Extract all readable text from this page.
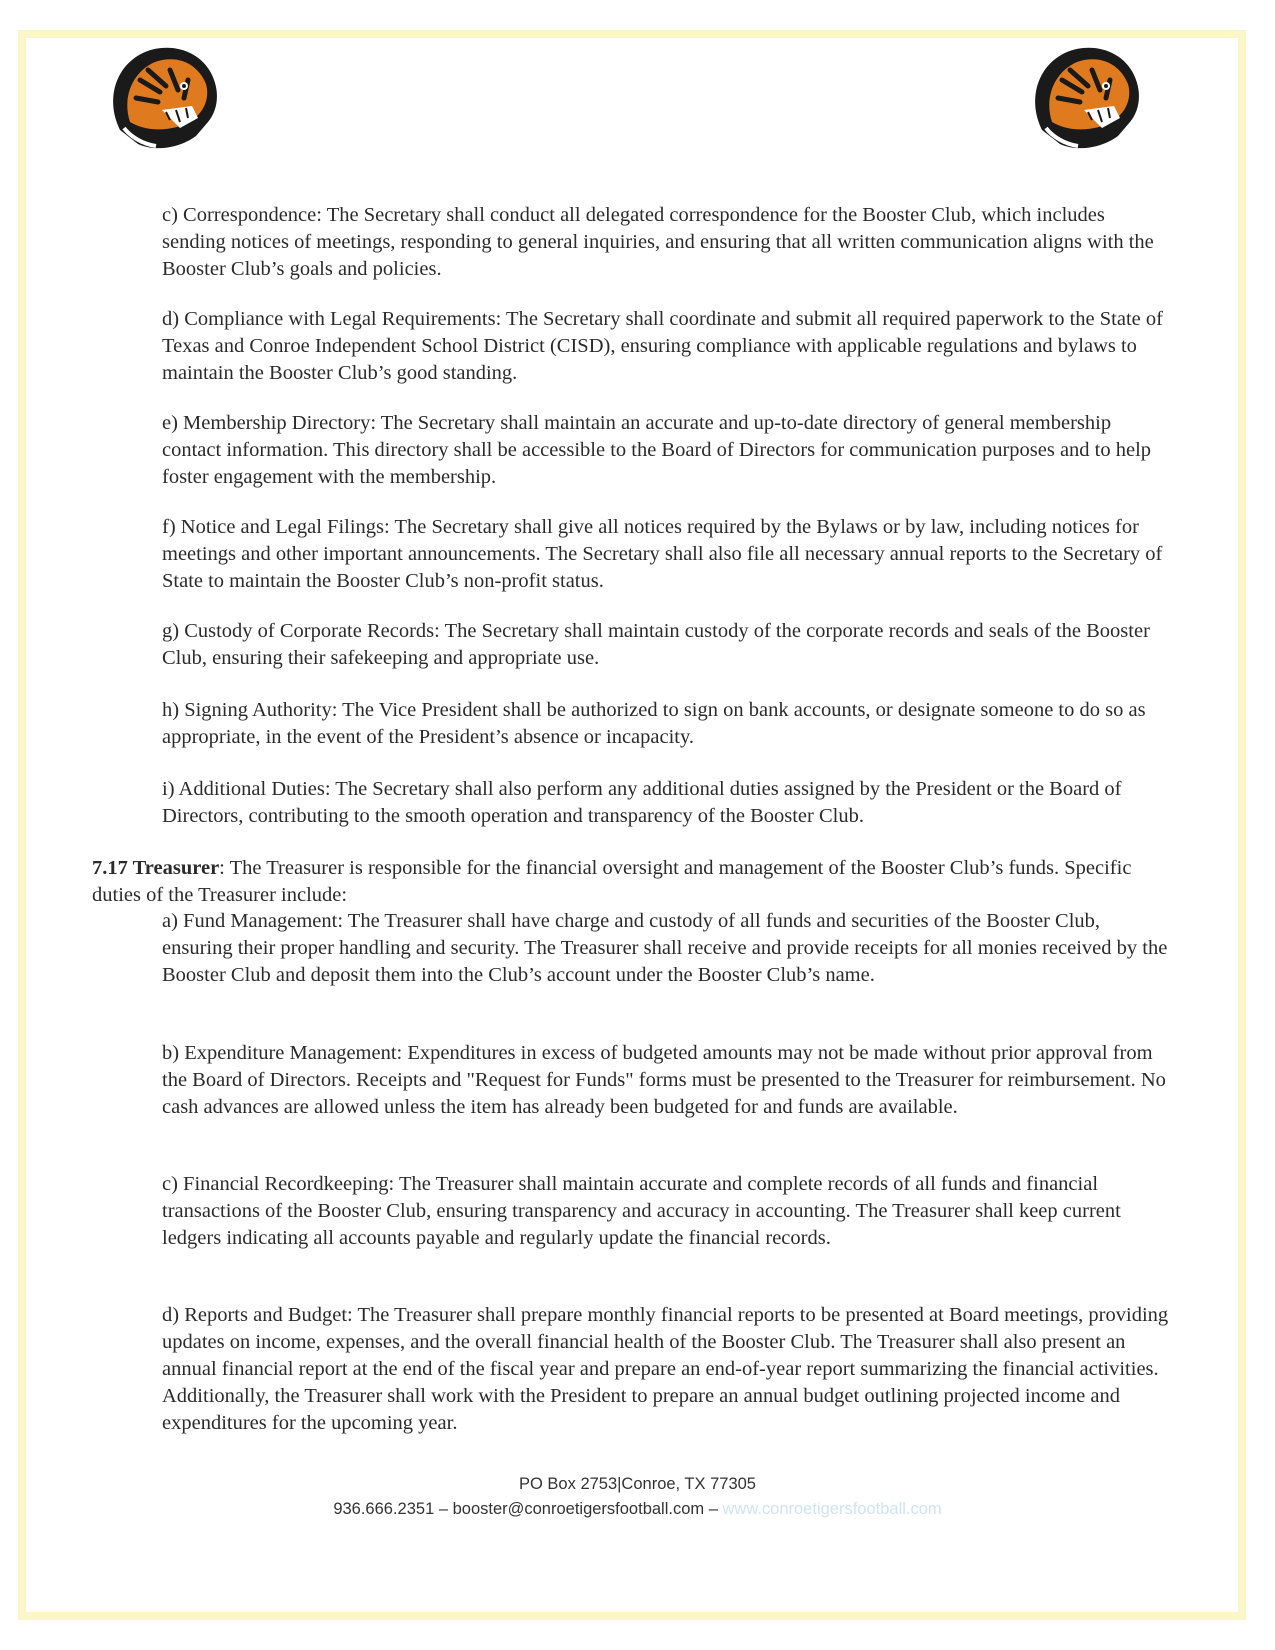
c) Correspondence: The Secretary shall conduct all delegated correspondence for the Booster Club, which includes sending notices of meetings, responding to general inquiries, and ensuring that all written communication aligns with the Booster Club’s goals and policies.

d) Compliance with Legal Requirements: The Secretary shall coordinate and submit all required paperwork to the State of Texas and Conroe Independent School District (CISD), ensuring compliance with applicable regulations and bylaws to maintain the Booster Club’s good standing.

e) Membership Directory: The Secretary shall maintain an accurate and up-to-date directory of general membership contact information. This directory shall be accessible to the Board of Directors for communication purposes and to help foster engagement with the membership.

f) Notice and Legal Filings: The Secretary shall give all notices required by the Bylaws or by law, including notices for meetings and other important announcements. The Secretary shall also file all necessary annual reports to the Secretary of State to maintain the Booster Club’s non-profit status.

g) Custody of Corporate Records: The Secretary shall maintain custody of the corporate records and seals of the Booster Club, ensuring their safekeeping and appropriate use.

h) Signing Authority: The Vice President shall be authorized to sign on bank accounts, or designate someone to do so as appropriate, in the event of the President’s absence or incapacity.

i) Additional Duties: The Secretary shall also perform any additional duties assigned by the President or the Board of Directors, contributing to the smooth operation and transparency of the Booster Club.

7.17 Treasurer: The Treasurer is responsible for the financial oversight and management of the Booster Club’s funds. Specific duties of the Treasurer include:

a) Fund Management: The Treasurer shall have charge and custody of all funds and securities of the Booster Club, ensuring their proper handling and security. The Treasurer shall receive and provide receipts for all monies received by the Booster Club and deposit them into the Club’s account under the Booster Club’s name.

b) Expenditure Management: Expenditures in excess of budgeted amounts may not be made without prior approval from the Board of Directors. Receipts and "Request for Funds" forms must be presented to the Treasurer for reimbursement. No cash advances are allowed unless the item has already been budgeted for and funds are available.

c) Financial Recordkeeping: The Treasurer shall maintain accurate and complete records of all funds and financial transactions of the Booster Club, ensuring transparency and accuracy in accounting. The Treasurer shall keep current ledgers indicating all accounts payable and regularly update the financial records.

d) Reports and Budget: The Treasurer shall prepare monthly financial reports to be presented at Board meetings, providing updates on income, expenses, and the overall financial health of the Booster Club. The Treasurer shall also present an annual financial report at the end of the fiscal year and prepare an end-of-year report summarizing the financial activities. Additionally, the Treasurer shall work with the President to prepare an annual budget outlining projected income and expenditures for the upcoming year.

PO Box 2753|Conroe, TX 77305
936.666.2351 – booster@conroetigersfootball.com – www.conroetigersfootball.com
